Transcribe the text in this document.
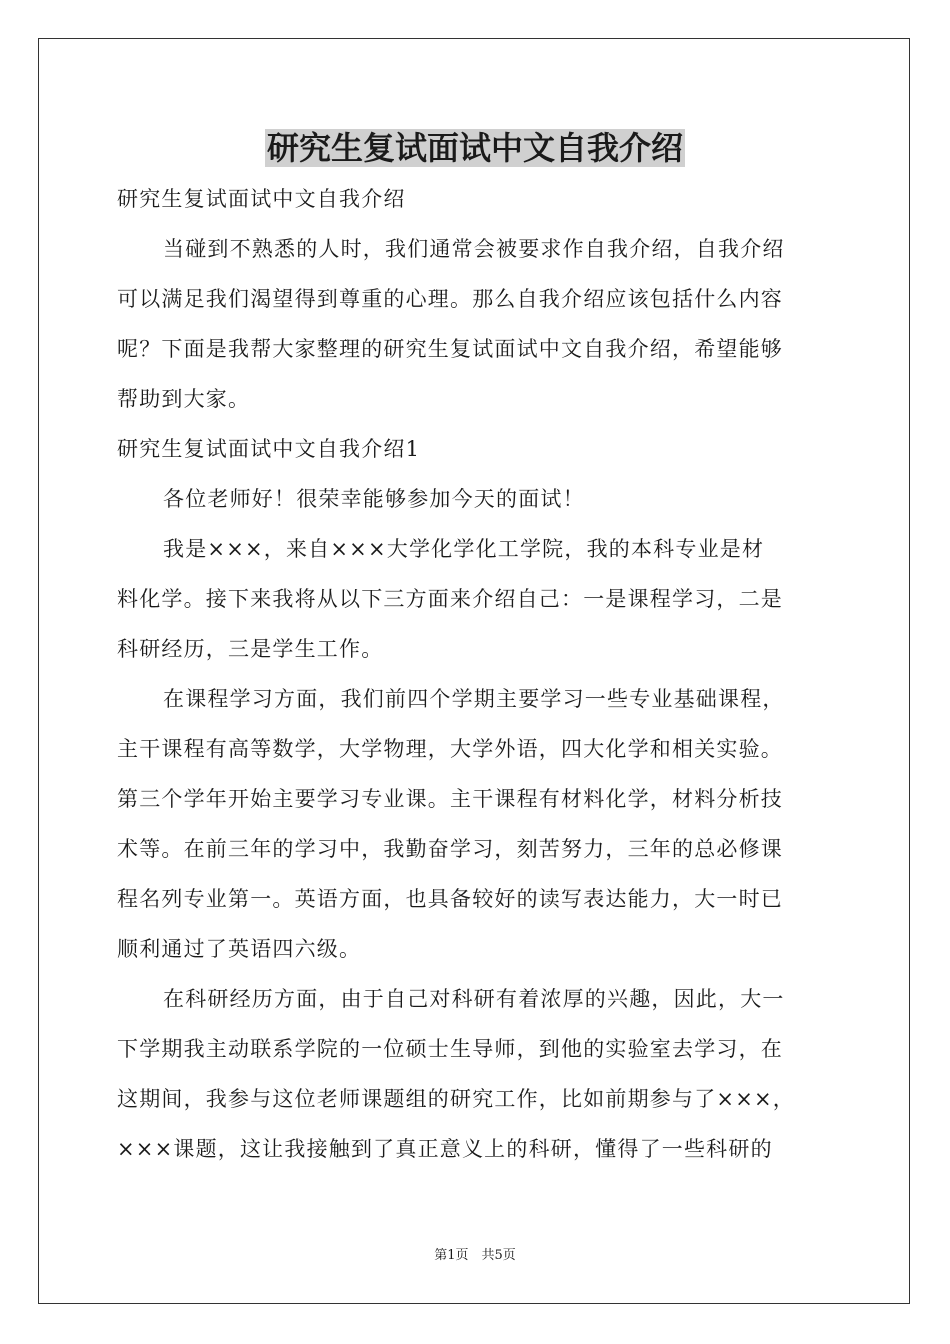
研究生复试面试中文自我介绍
研究生复试面试中文自我介绍
当碰到不熟悉的人时，我们通常会被要求作自我介绍，自我介绍
可以满足我们渴望得到尊重的心理。那么自我介绍应该包括什么内容
呢？下面是我帮大家整理的研究生复试面试中文自我介绍，希望能够
帮助到大家。
研究生复试面试中文自我介绍1
各位老师好！很荣幸能够参加今天的面试！
我是×××，来自×××大学化学化工学院，我的本科专业是材
料化学。接下来我将从以下三方面来介绍自己：一是课程学习，二是
科研经历，三是学生工作。
在课程学习方面，我们前四个学期主要学习一些专业基础课程，
主干课程有高等数学，大学物理，大学外语，四大化学和相关实验。
第三个学年开始主要学习专业课。主干课程有材料化学，材料分析技
术等。在前三年的学习中，我勤奋学习，刻苦努力，三年的总必修课
程名列专业第一。英语方面，也具备较好的读写表达能力，大一时已
顺利通过了英语四六级。
在科研经历方面，由于自己对科研有着浓厚的兴趣，因此，大一
下学期我主动联系学院的一位硕士生导师，到他的实验室去学习，在
这期间，我参与这位老师课题组的研究工作，比如前期参与了×××，
×××课题，这让我接触到了真正意义上的科研，懂得了一些科研的
第1页　共5页
